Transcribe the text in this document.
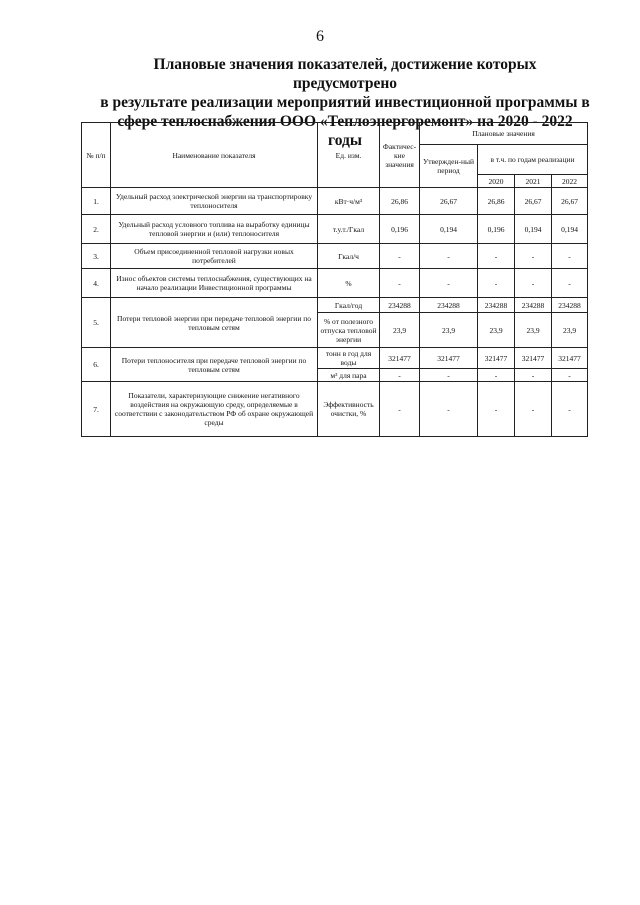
6
Плановые значения показателей, достижение которых предусмотрено
в результате реализации мероприятий инвестиционной программы в
сфере теплоснабжения ООО «Теплоэнергоремонт» на 2020 - 2022 годы
№ п/п	Наименование показателя	Ед. изм.	Фактичес-кие значения	Плановые значения			
				Утвержден-ный период	в т.ч. по годам реализации		
					2020	2021	2022
1.	Удельный расход электрической энергии на транспортировку теплоносителя	кВт·ч/м³	26,86	26,67	26,86	26,67	26,67
2.	Удельный расход условного топлива на выработку единицы тепловой энергии и (или) теплоносителя	т.у.т./Гкал	0,196	0,194	0,196	0,194	0,194
3.	Объем присоединенной тепловой нагрузки новых потребителей	Гкал/ч	-	-	-	-	-
4.	Износ объектов системы теплоснабжения, существующих на начало реализации Инвестиционной программы	%	-	-	-	-	-
5.	Потери тепловой энергии при передаче тепловой энергии по тепловым сетям	Гкал/год	234288	234288	234288	234288	234288
		% от полезного отпуска тепловой энергии	23,9	23,9	23,9	23,9	23,9
6.	Потери теплоносителя при передаче тепловой энергии по тепловым сетям	тонн в год для воды	321477	321477	321477	321477	321477
		м³ для пара	-	-	-	-	-
7.	Показатели, характеризующие снижение негативного воздействия на окружающую среду, определяемые в соответствии с законодательством РФ об охране окружающей среды	Эффективность очистки, %	-	-	-	-	-
